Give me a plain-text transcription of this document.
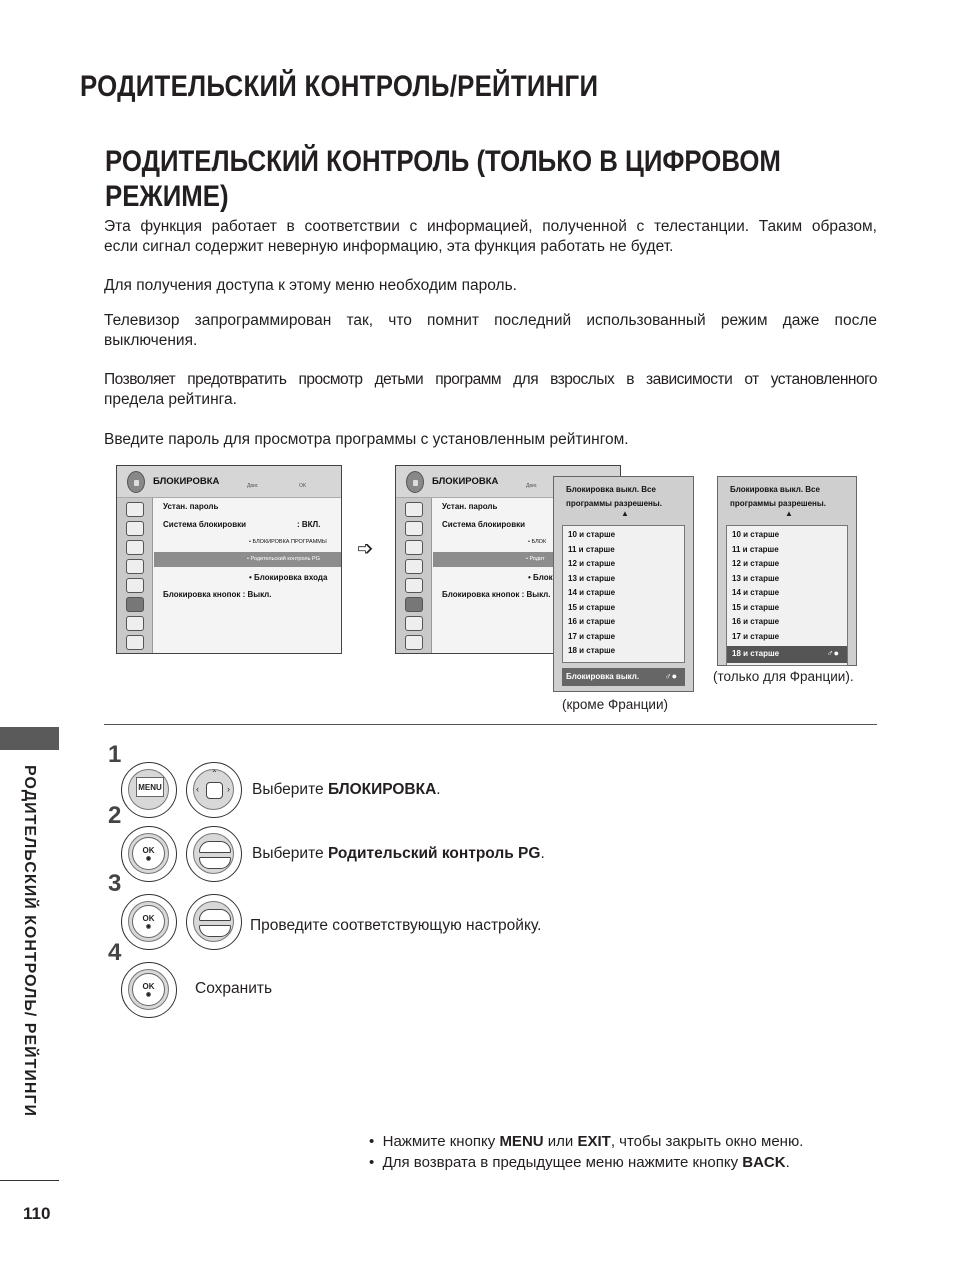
РОДИТЕЛЬСКИЙ КОНТРОЛЬ/РЕЙТИНГИ
РОДИТЕЛЬСКИЙ КОНТРОЛЬ (ТОЛЬКО В ЦИФРОВОМ РЕЖИМЕ)
Эта функция работает в соответствии с информацией, полученной с телестанции. Таким образом,
если сигнал содержит неверную информацию, эта функция работать не будет.
Для получения доступа к этому меню необходим пароль.
Телевизор запрограммирован так, что помнит последний использованный режим даже после
выключения.
Позволяет предотвратить просмотр детьми программ для взрослых в зависимости от установленного
предела рейтинга.
Введите пароль для просмотра программы с установленным рейтингом.
БЛОКИРОВКА	Двиг.	OK
Устан. пароль
Система блокировки	: ВКЛ.
• БЛОКИРОВКА ПРОГРАММЫ
• Родительский контроль PG
• Блокировка входа
Блокировка кнопок : Выкл.
➩
БЛОКИРОВКА	Двиг.
Устан. пароль
Система блокировки
• БЛОК
• Родит
• Блок
Блокировка кнопок : Выкл.
Блокировка выкл. Все
программы разрешены.
▲
10 и старше
11 и старше
12 и старше
13 и старше
14 и старше
15 и старше
16 и старше
17 и старше
18 и старше
Блокировка выкл.	♂●
(кроме Франции)
Блокировка выкл. Все
программы разрешены.
▲
10 и старше
11 и старше
12 и старше
13 и старше
14 и старше
15 и старше
16 и старше
17 и старше
18 и старше	♂●
(только для Франции).
РОДИТЕЛЬСКИЙ КОНТРОЛЬ/ РЕЙТИНГИ
1
2
3
4
MENU
⌃
‹	› Выберите БЛОКИРОВКА.
OK
◉	Выберите Родительский контроль PG.
OK
◉	Проведите соответствующую настройку.
OK
◉	Сохранить
• Нажмите кнопку MENU или EXIT, чтобы закрыть окно меню.
• Для возврата в предыдущее меню нажмите кнопку BACK.
110
